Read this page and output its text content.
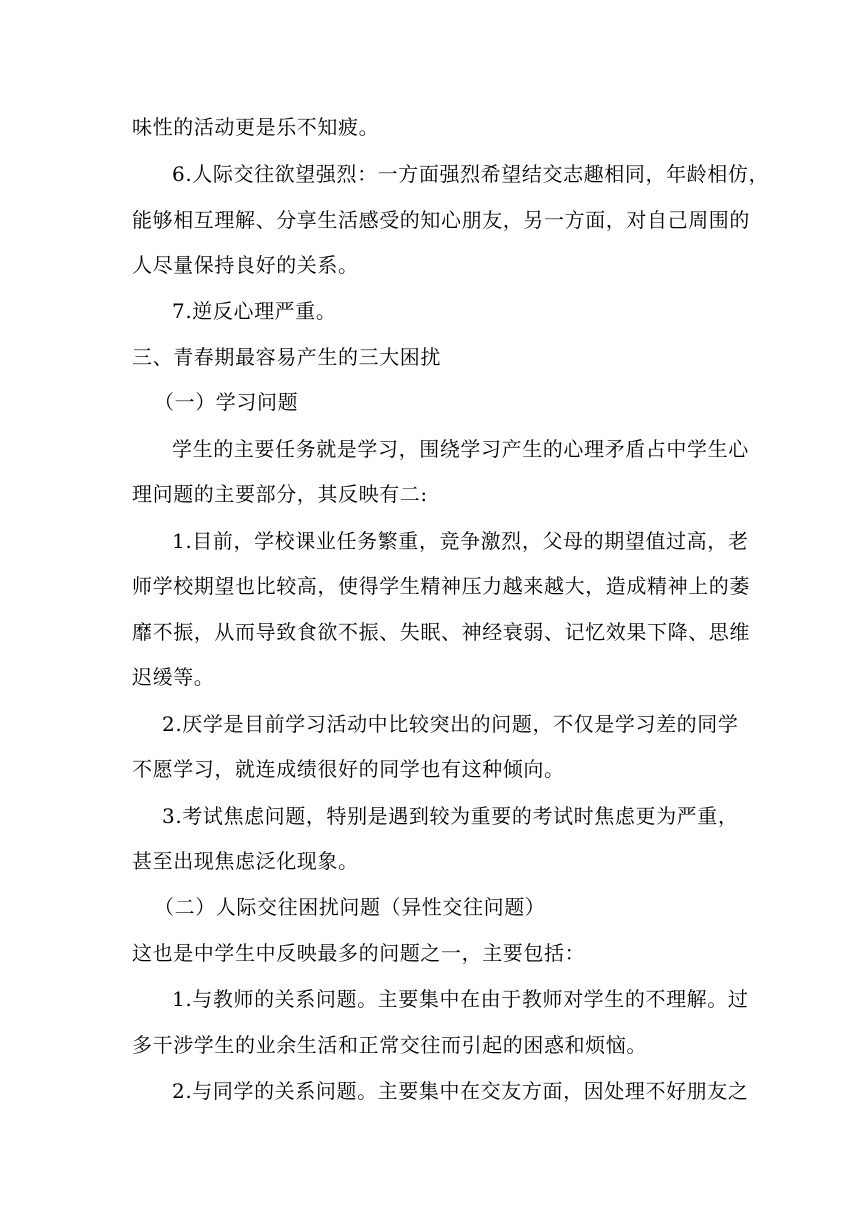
味性的活动更是乐不知疲。
6.人际交往欲望强烈：一方面强烈希望结交志趣相同，年龄相仿，
能够相互理解、分享生活感受的知心朋友，另一方面，对自己周围的
人尽量保持良好的关系。
7.逆反心理严重。
三、青春期最容易产生的三大困扰
（一）学习问题
学生的主要任务就是学习，围绕学习产生的心理矛盾占中学生心
理问题的主要部分，其反映有二:
1.目前，学校课业任务繁重，竞争激烈，父母的期望值过高，老
师学校期望也比较高，使得学生精神压力越来越大，造成精神上的萎
靡不振，从而导致食欲不振、失眠、神经衰弱、记忆效果下降、思维
迟缓等。
2.厌学是目前学习活动中比较突出的问题，不仅是学习差的同学
不愿学习，就连成绩很好的同学也有这种倾向。
3.考试焦虑问题，特别是遇到较为重要的考试时焦虑更为严重，
甚至出现焦虑泛化现象。
（二）人际交往困扰问题（异性交往问题）
这也是中学生中反映最多的问题之一，主要包括：
1.与教师的关系问题。主要集中在由于教师对学生的不理解。过
多干涉学生的业余生活和正常交往而引起的困惑和烦恼。
2.与同学的关系问题。主要集中在交友方面，因处理不好朋友之
